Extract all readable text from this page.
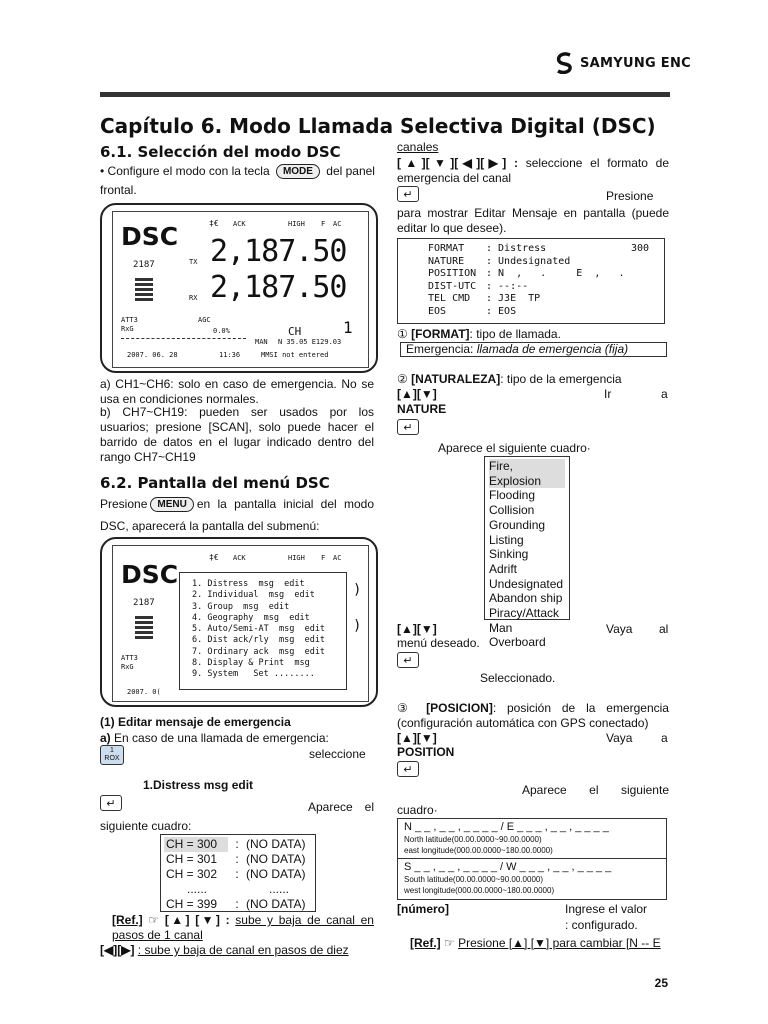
SAMYUNG ENC
Capítulo 6. Modo Llamada Selectiva Digital (DSC)
6.1. Selección del modo DSC
• Configure el modo con la tecla	MODE	del panel
frontal.
DSC	‡€ ACK	HIGH F AC
2187	TX
RX
2,187.50
2,187.50
ATT3
RxG
AGC
0.0%	CH	1
MAN N 35.05 E129.03
2007. 06. 28	11:36	MMSI not entered
a) CH1~CH6: solo en caso de emergencia. No se usa en condiciones normales.
b) CH7~CH19: pueden ser usados por los usuarios; presione [SCAN], solo puede hacer el barrido de datos en el lugar indicado dentro del rango CH7~CH19
6.2. Pantalla del menú DSC
Presione	MENU en la pantalla inicial del modo
DSC, aparecerá la pantalla del submenú:
DSC
‡€ ACK	HIGH F AC
2187
ATT3
RxG
2007. 0(
1. Distress  msg  edit
2. Individual  msg  edit
3. Group  msg  edit
4. Geography  msg  edit
5. Auto/Semi-AT  msg  edit
6. Dist ack/rly  msg  edit
7. Ordinary ack  msg  edit
8. Display & Print  msg
9. System   Set ........
)
)
(1) Editar mensaje de emergencia
a) En caso de una llamada de emergencia:
1
ROX	seleccione
1.Distress msg edit
↵	Aparece el
siguiente cuadro:
CH = 300	: (NO DATA)
CH = 301	: (NO DATA)
CH = 302	: (NO DATA)
......	......
CH = 399	: (NO DATA)
[Ref.] ☞ [▲] [▼] : sube y baja de canal en pasos de 1 canal
[◀][▶] : sube y baja de canal en pasos de diez
canales
[▲][▼][◀][▶] : seleccione el formato de emergencia del canal
↵	Presione
para mostrar Editar Mensaje en pantalla (puede editar lo que desee).
FORMAT	: Distress	300
NATURE	: Undesignated
POSITION : N  ,   .     E  ,   .
DIST-UTC : --:--
TEL CMD	: J3E  TP
EOS	: EOS
① [FORMAT]: tipo de llamada.
Emergencia: llamada de emergencia (fija)
② [NATURALEZA]: tipo de la emergencia
[▲][▼]	Ir	a
NATURE
↵
Aparece el siguiente cuadro·
Fire, Explosion
Flooding
Collision
Grounding
Listing
Sinking
Adrift
Undesignated
Abandon ship
Piracy/Attack
Man Overboard
[▲][▼]	Vaya al
menú deseado.
↵
Seleccionado.
③ [POSICION]: posición de la emergencia (configuración automática con GPS conectado)
[▲][▼]	Vaya a
POSITION
↵
Aparece el siguiente
cuadro·
N _ _ , _ _ , _ _ _ _ / E _ _ _ , _ _ , _ _ _ _
North latitude(00.00.0000~90.00.0000)
east longitude(000.00.0000~180.00.0000)
S _ _ , _ _ , _ _ _ _ / W _ _ _ , _ _ , _ _ _ _
South latitude(00.00.0000~90.00.0000)
west longitude(000.00.0000~180.00.0000)
[número]	Ingrese el valor
: configurado.
[Ref.] ☞ Presione [▲] [▼] para cambiar [N -- E
25
